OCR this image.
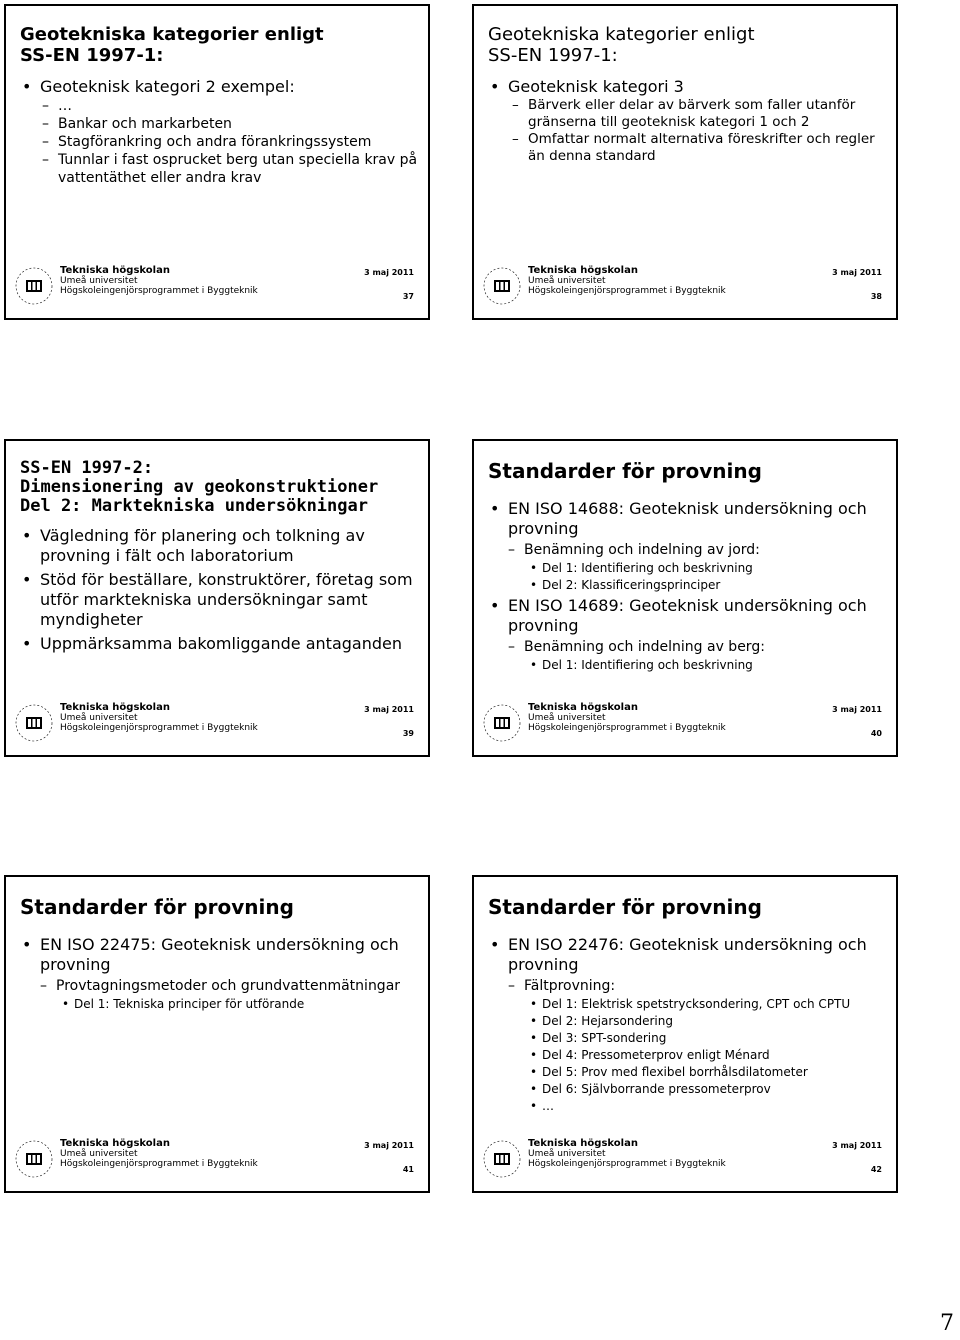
Geotekniska kategorier enligt
SS-EN 1997-1:
• Geoteknisk kategori 2 exempel:
– …
– Bankar och markarbeten
– Stagförankring och andra förankringssystem
– Tunnlar i fast osprucket berg utan speciella krav på vattentäthet eller andra krav
Tekniska högskolan
Umeå universitet
Högskoleingenjörsprogrammet i Byggteknik
3 maj 2011
37
Geotekniska kategorier enligt
SS-EN 1997-1:
• Geoteknisk kategori 3
– Bärverk eller delar av bärverk som faller utanför gränserna till geoteknisk kategori 1 och 2
– Omfattar normalt alternativa föreskrifter och regler än denna standard
Tekniska högskolan
Umeå universitet
Högskoleingenjörsprogrammet i Byggteknik
3 maj 2011
38
SS-EN 1997-2:
Dimensionering av geokonstruktioner
Del 2: Marktekniska undersökningar
• Vägledning för planering och tolkning av provning i fält och laboratorium
• Stöd för beställare, konstruktörer, företag som utför marktekniska undersökningar samt myndigheter
• Uppmärksamma bakomliggande antaganden
Tekniska högskolan
Umeå universitet
Högskoleingenjörsprogrammet i Byggteknik
3 maj 2011
39
Standarder för provning
• EN ISO 14688: Geoteknisk undersökning och provning
– Benämning och indelning av jord:
• Del 1: Identifiering och beskrivning
• Del 2: Klassificeringsprinciper
• EN ISO 14689: Geoteknisk undersökning och provning
– Benämning och indelning av berg:
• Del 1: Identifiering och beskrivning
Tekniska högskolan
Umeå universitet
Högskoleingenjörsprogrammet i Byggteknik
3 maj 2011
40
Standarder för provning
• EN ISO 22475: Geoteknisk undersökning och provning
– Provtagningsmetoder och grundvattenmätningar
• Del 1: Tekniska principer för utförande
Tekniska högskolan
Umeå universitet
Högskoleingenjörsprogrammet i Byggteknik
3 maj 2011
41
Standarder för provning
• EN ISO 22476: Geoteknisk undersökning och provning
– Fältprovning:
• Del 1: Elektrisk spetstrycksondering, CPT och CPTU
• Del 2: Hejarsondering
• Del 3: SPT-sondering
• Del 4: Pressometerprov enligt Ménard
• Del 5: Prov med flexibel borrhålsdilatometer
• Del 6: Självborrande pressometerprov
• …
Tekniska högskolan
Umeå universitet
Högskoleingenjörsprogrammet i Byggteknik
3 maj 2011
42
7
